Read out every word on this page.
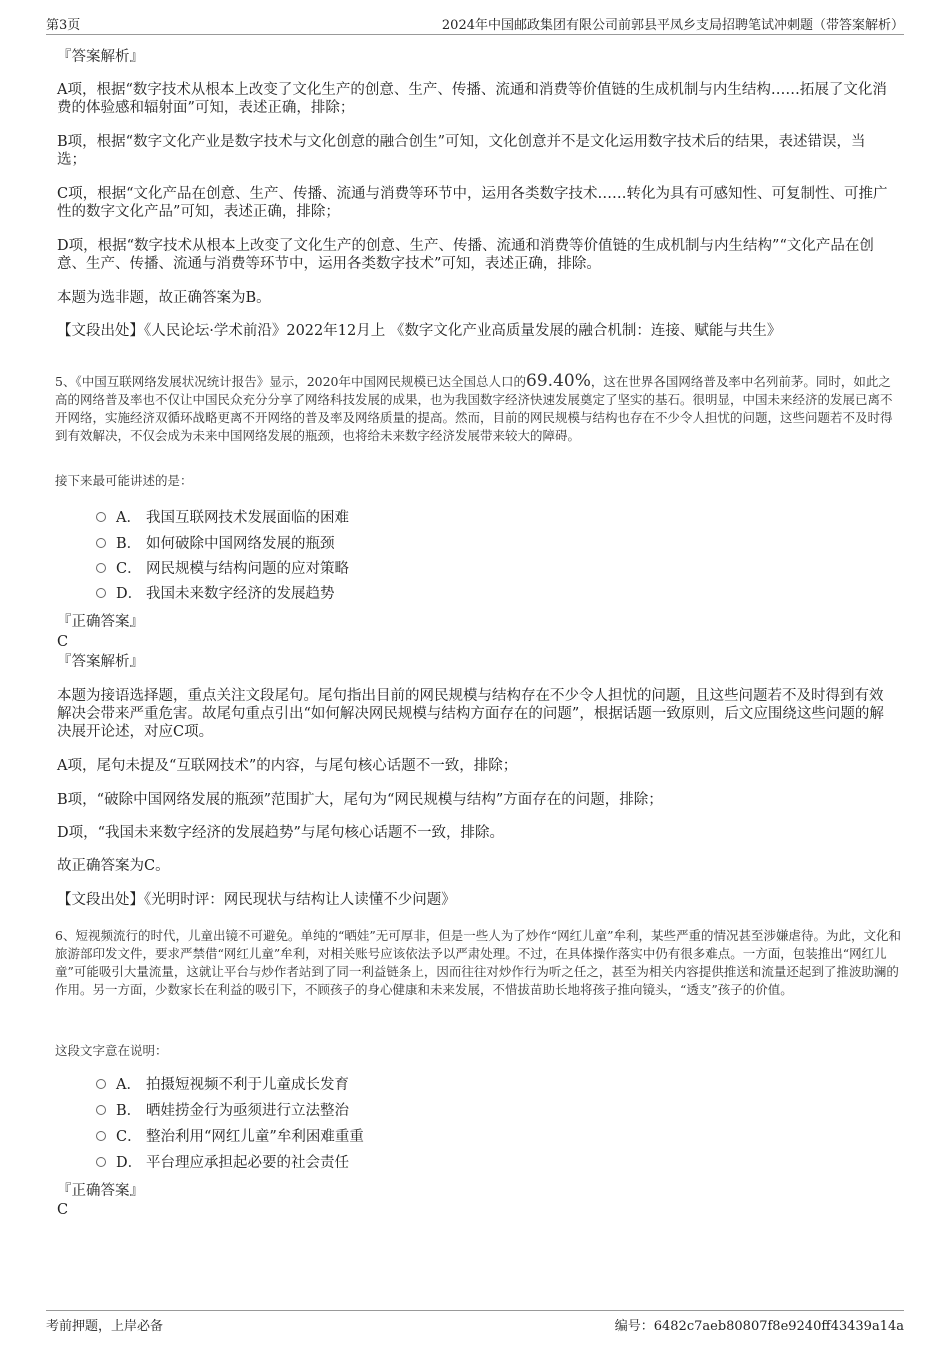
第3页	2024年中国邮政集团有限公司前郭县平凤乡支局招聘笔试冲刺题（带答案解析）
『答案解析』
A项，根据“数字技术从根本上改变了文化生产的创意、生产、传播、流通和消费等价值链的生成机制与内生结构……拓展了文化消费的体验感和辐射面”可知，表述正确，排除；
B项，根据“数字文化产业是数字技术与文化创意的融合创生”可知，文化创意并不是文化运用数字技术后的结果，表述错误，当选；
C项，根据“文化产品在创意、生产、传播、流通与消费等环节中，运用各类数字技术……转化为具有可感知性、可复制性、可推广性的数字文化产品”可知，表述正确，排除；
D项，根据“数字技术从根本上改变了文化生产的创意、生产、传播、流通和消费等价值链的生成机制与内生结构”“文化产品在创意、生产、传播、流通与消费等环节中，运用各类数字技术”可知，表述正确，排除。
本题为选非题，故正确答案为B。
【文段出处】《人民论坛·学术前沿》2022年12月上 《数字文化产业高质量发展的融合机制：连接、赋能与共生》
5、《中国互联网络发展状况统计报告》显示，2020年中国网民规模已达全国总人口的69.40%，这在世界各国网络普及率中名列前茅。同时，如此之高的网络普及率也不仅让中国民众充分分享了网络科技发展的成果，也为我国数字经济快速发展奠定了坚实的基石。很明显，中国未来经济的发展已离不开网络，实施经济双循环战略更离不开网络的普及率及网络质量的提高。然而，目前的网民规模与结构也存在不少令人担忧的问题，这些问题若不及时得到有效解决，不仅会成为未来中国网络发展的瓶颈，也将给未来数字经济发展带来较大的障碍。
接下来最可能讲述的是：
A． 我国互联网技术发展面临的困难
B． 如何破除中国网络发展的瓶颈
C． 网民规模与结构问题的应对策略
D． 我国未来数字经济的发展趋势
『正确答案』
C
『答案解析』
本题为接语选择题，重点关注文段尾句。尾句指出目前的网民规模与结构存在不少令人担忧的问题，且这些问题若不及时得到有效解决会带来严重危害。故尾句重点引出“如何解决网民规模与结构方面存在的问题”，根据话题一致原则，后文应围绕这些问题的解决展开论述，对应C项。
A项，尾句未提及“互联网技术”的内容，与尾句核心话题不一致，排除；
B项，“破除中国网络发展的瓶颈”范围扩大，尾句为“网民规模与结构”方面存在的问题，排除；
D项，“我国未来数字经济的发展趋势”与尾句核心话题不一致，排除。
故正确答案为C。
【文段出处】《光明时评：网民现状与结构让人读懂不少问题》
6、短视频流行的时代，儿童出镜不可避免。单纯的“晒娃”无可厚非，但是一些人为了炒作“网红儿童”牟利，某些严重的情况甚至涉嫌虐待。为此，文化和旅游部印发文件，要求严禁借“网红儿童”牟利，对相关账号应该依法予以严肃处理。不过，在具体操作落实中仍有很多难点。一方面，包装推出“网红儿童”可能吸引大量流量，这就让平台与炒作者站到了同一利益链条上，因而往往对炒作行为听之任之，甚至为相关内容提供推送和流量还起到了推波助澜的作用。另一方面，少数家长在利益的吸引下，不顾孩子的身心健康和未来发展，不惜拔苗助长地将孩子推向镜头，“透支”孩子的价值。
这段文字意在说明：
A． 拍摄短视频不利于儿童成长发育
B． 晒娃捞金行为亟须进行立法整治
C． 整治利用“网红儿童”牟利困难重重
D． 平台理应承担起必要的社会责任
『正确答案』
C
考前押题，上岸必备	编号：6482c7aeb80807f8e9240ff43439a14a
